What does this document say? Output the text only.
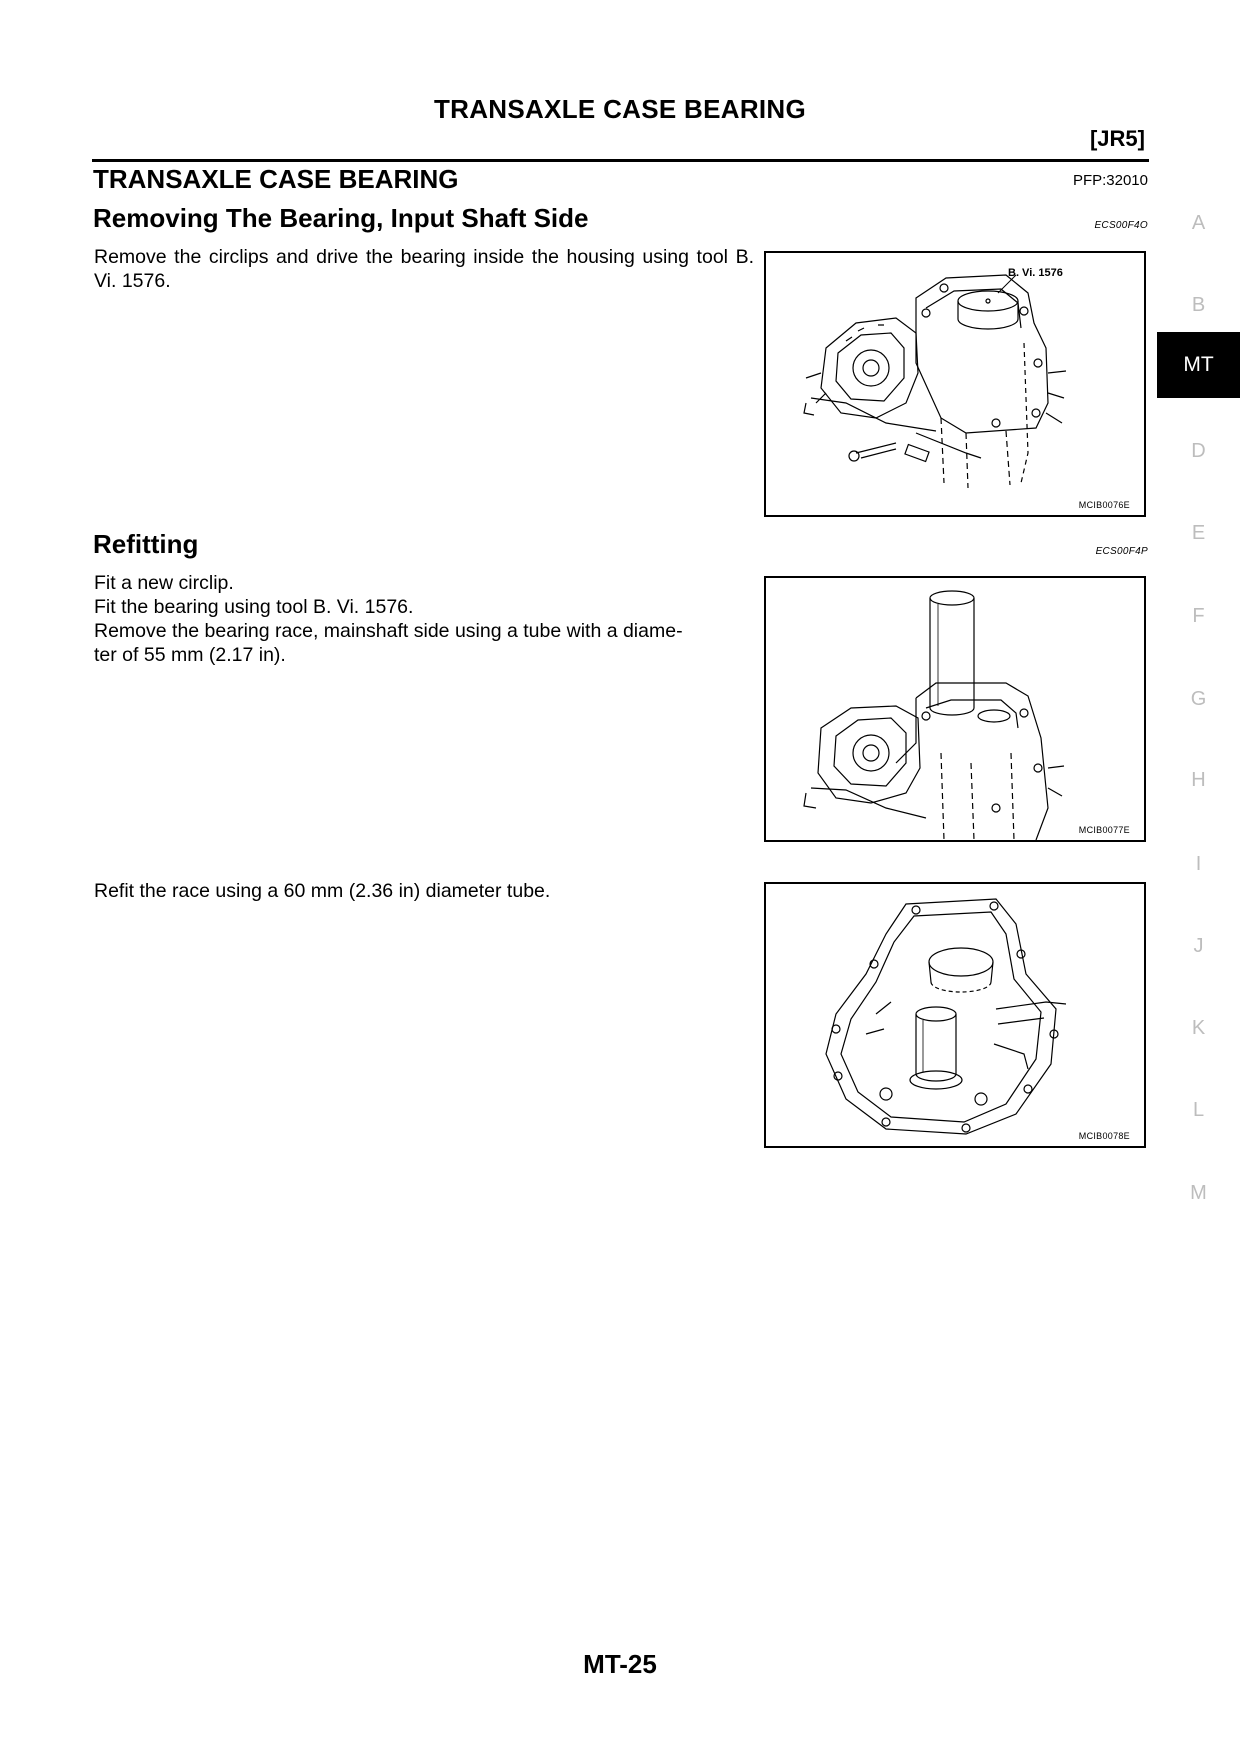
TRANSAXLE CASE BEARING
[JR5]
TRANSAXLE CASE BEARING	PFP:32010
Removing The Bearing, Input Shaft Side	ECS00F4O

Remove the circlips and drive the bearing inside the housing using tool B. Vi. 1576.	B. Vi. 1576
MCIB0076E
Refitting	ECS00F4P

Fit a new circlip.

Fit the bearing using tool B. Vi. 1576.

Remove the bearing race, mainshaft side using a tube with a diame-

ter of 55 mm (2.17 in).

MCIB0077E

Refit the race using a 60 mm (2.36 in) diameter tube.

MCIB0078E
A
B
MT
D
E
F
G
H
I
J
K
L
M
MT-25
